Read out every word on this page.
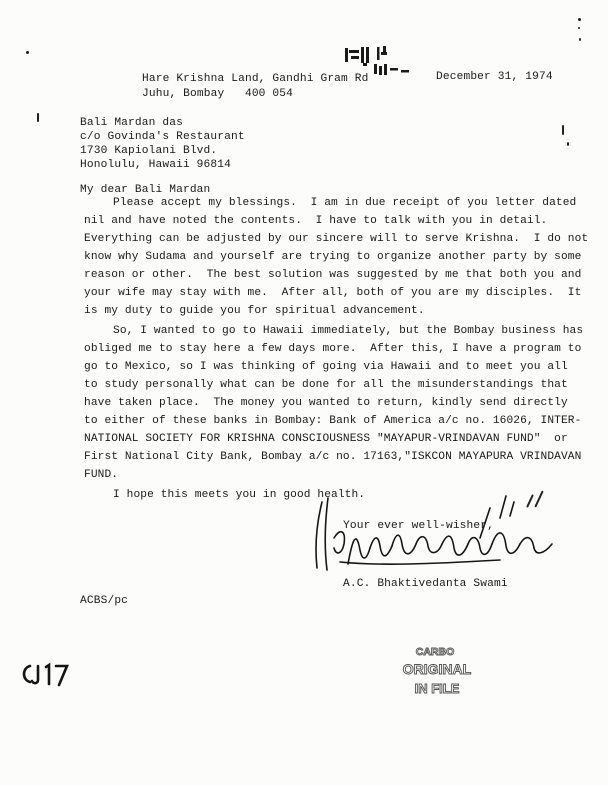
Hare Krishna Land, Gandhi Gram Rd
Juhu, Bombay   400 054
December 31, 1974
Bali Mardan das
c/o Govinda's Restaurant
1730 Kapiolani Blvd.
Honolulu, Hawaii 96814
My dear Bali Mardan
Please accept my blessings.  I am in due receipt of you letter dated
nil and have noted the contents.  I have to talk with you in detail.
Everything can be adjusted by our sincere will to serve Krishna.  I do not
know why Sudama and yourself are trying to organize another party by some
reason or other.  The best solution was suggested by me that both you and
your wife may stay with me.  After all, both of you are my disciples.  It
is my duty to guide you for spiritual advancement.
So, I wanted to go to Hawaii immediately, but the Bombay business has
obliged me to stay here a few days more.  After this, I have a program to
go to Mexico, so I was thinking of going via Hawaii and to meet you all
to study personally what can be done for all the misunderstandings that
have taken place.  The money you wanted to return, kindly send directly
to either of these banks in Bombay: Bank of America a/c no. 16026, INTER-
NATIONAL SOCIETY FOR KRISHNA CONSCIOUSNESS "MAYAPUR-VRINDAVAN FUND"  or
First National City Bank, Bombay a/c no. 17163,"ISKCON MAYAPURA VRINDAVAN
FUND.
I hope this meets you in good health.
Your ever well-wisher,
A.C. Bhaktivedanta Swami
ACBS/pc
CARBO
ORIGINAL
IN FILE
